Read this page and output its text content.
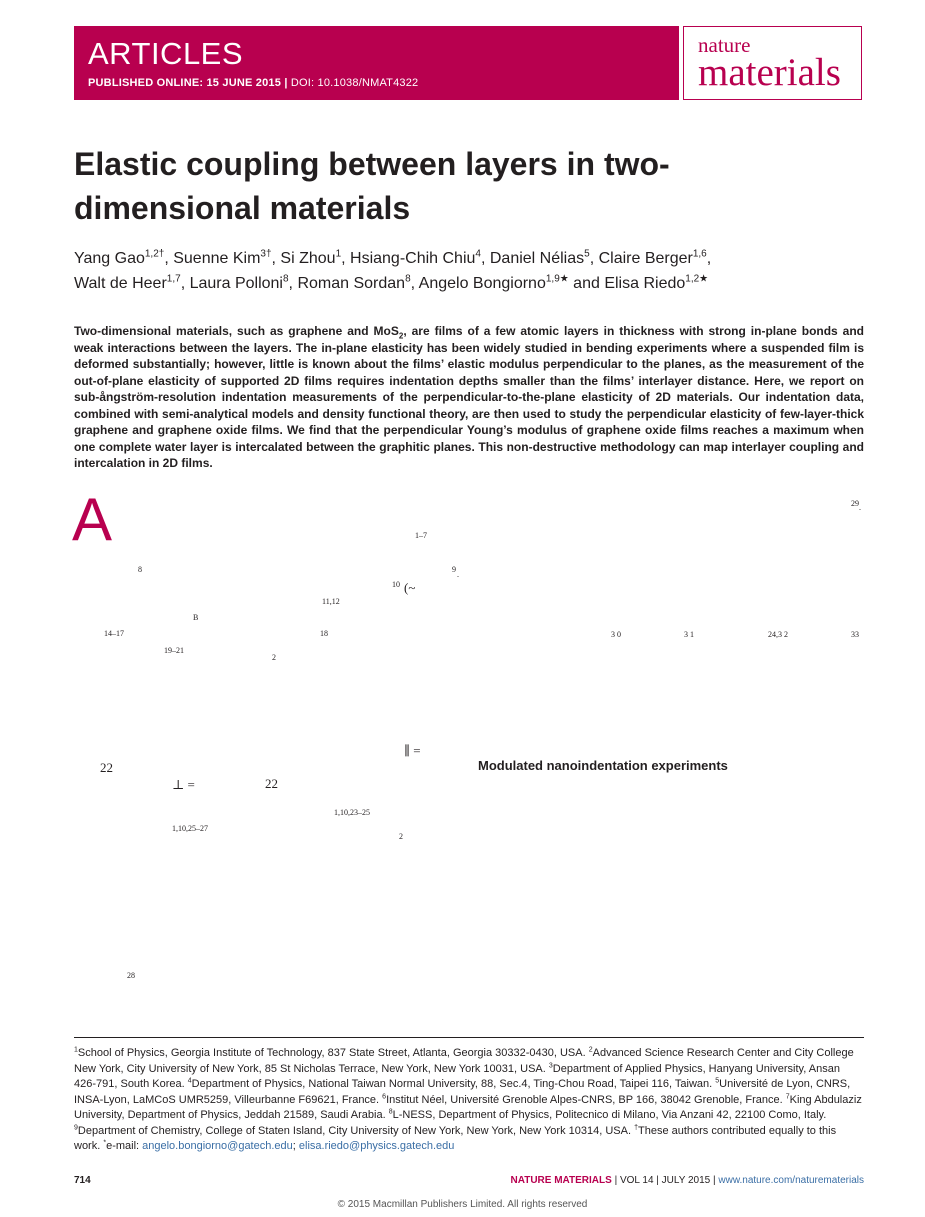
ARTICLES
PUBLISHED ONLINE: 15 JUNE 2015 | DOI: 10.1038/NMAT4322
nature
materials
Elastic coupling between layers in two-dimensional materials
Yang Gao$^{1,2\dagger}$, Suenne Kim$^{3\dagger}$, Si Zhou$^1$, Hsiang-Chih Chiu$^4$, Daniel Nélias$^5$, Claire Berger$^{1,6}$,
Walt de Heer$^{1,7}$, Laura Polloni$^8$, Roman Sordan$^8$, Angelo Bongiorno$^{1,9★}$ and Elisa Riedo$^{1,2★}$
Two-dimensional materials, such as graphene and MoS$_2$, are films of a few atomic layers in thickness with strong in-plane bonds and weak interactions between the layers. The in-plane elasticity has been widely studied in bending experiments where a suspended film is deformed substantially; however, little is known about the films’ elastic modulus perpendicular to the planes, as the measurement of the out-of-plane elasticity of supported 2D films requires indentation depths smaller than the films’ interlayer distance. Here, we report on sub-ångström-resolution indentation measurements of the perpendicular-to-the-plane elasticity of 2D materials. Our indentation data, combined with semi-analytical models and density functional theory, are then used to study the perpendicular elasticity of few-layer-thick graphene and graphene oxide films. We find that the perpendicular Young’s modulus of graphene oxide films reaches a maximum when one complete water layer is intercalated between the graphitic planes. This non-destructive methodology can map interlayer coupling and intercalation in 2D films.
A	1–7
8	9
.
10 (~
11,12
B
14–17	18
19–21
2
22
∥ =
⊥ =	22
1,10,23–25
1,10,25–27
2
28
29 .
3 0	3 1	24,3 2	33
Modulated nanoindentation experiments
$^1$School of Physics, Georgia Institute of Technology, 837 State Street, Atlanta, Georgia 30332-0430, USA. $^2$Advanced Science Research Center and City College New York, City University of New York, 85 St Nicholas Terrace, New York, New York 10031, USA. $^3$Department of Applied Physics, Hanyang University, Ansan 426-791, South Korea. $^4$Department of Physics, National Taiwan Normal University, 88, Sec.4, Ting-Chou Road, Taipei 116, Taiwan. $^5$Université de Lyon, CNRS, INSA-Lyon, LaMCoS UMR5259, Villeurbanne F69621, France. $^6$Institut Néel, Université Grenoble Alpes-CNRS, BP 166, 38042 Grenoble, France. $^7$King Abdulaziz University, Department of Physics, Jeddah 21589, Saudi Arabia. $^8$L-NESS, Department of Physics, Politecnico di Milano, Via Anzani 42, 22100 Como, Italy. $^9$Department of Chemistry, College of Staten Island, City University of New York, New York, New York 10314, USA. †These authors contributed equally to this work. *e-mail: angelo.bongiorno@gatech.edu; elisa.riedo@physics.gatech.edu
714	NATURE MATERIALS | VOL 14 | JULY 2015 | www.nature.com/naturematerials
© 2015 Macmillan Publishers Limited. All rights reserved
